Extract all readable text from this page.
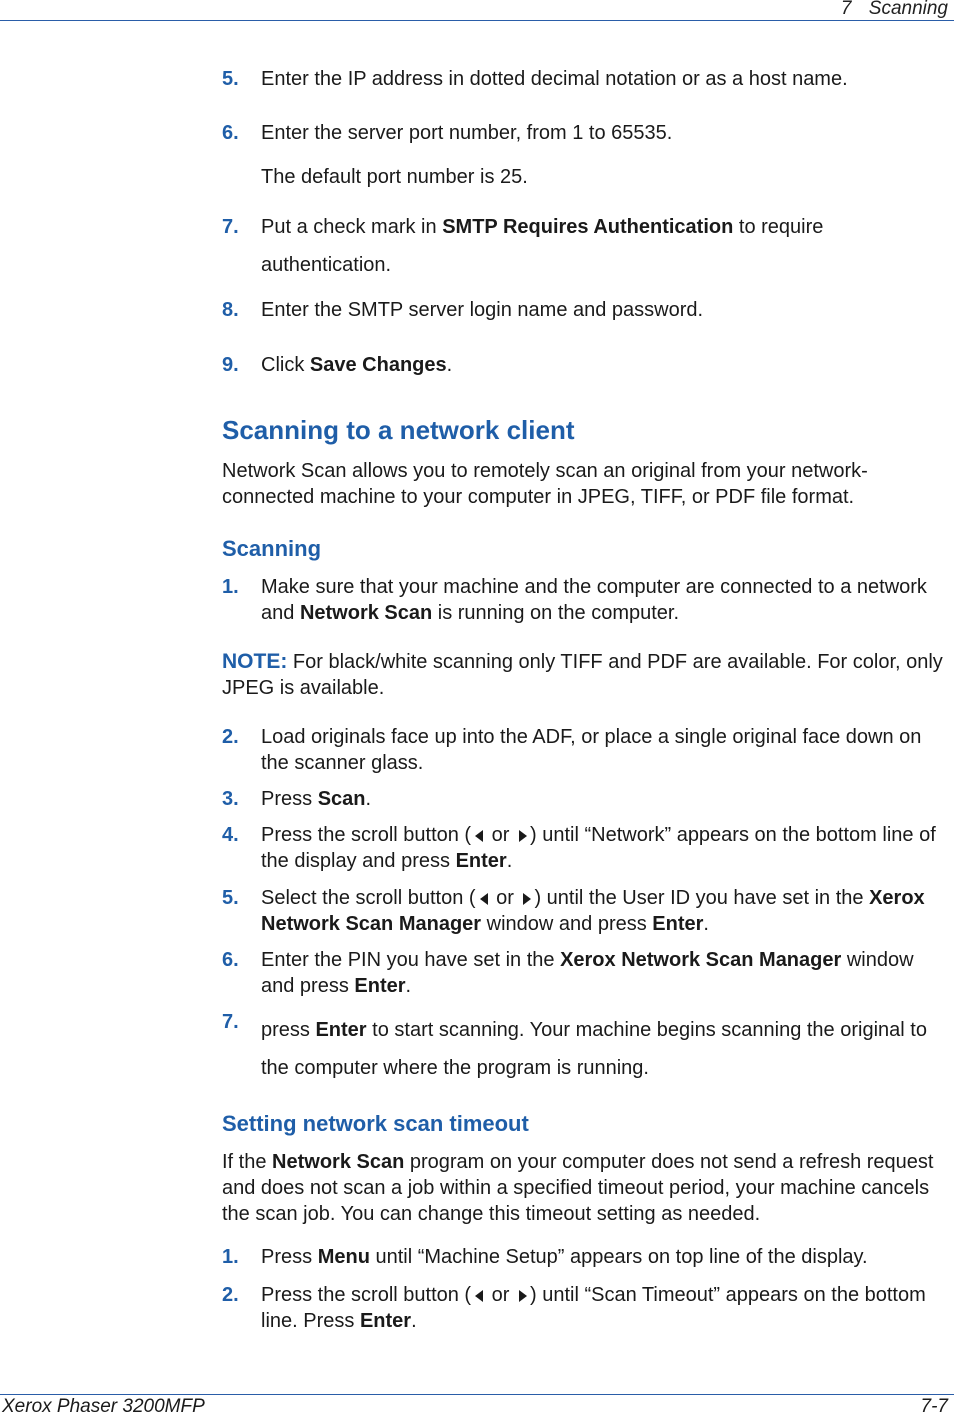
7 Scanning
5.	Enter the IP address in dotted decimal notation or as a host name.
6.	Enter the server port number, from 1 to 65535.
The default port number is 25.
7.	Put a check mark in SMTP Requires Authentication to require authentication.
8.	Enter the SMTP server login name and password.
9.	Click Save Changes.
Scanning to a network client
Network Scan allows you to remotely scan an original from your network-connected machine to your computer in JPEG, TIFF, or PDF file format.
Scanning
1.	Make sure that your machine and the computer are connected to a network and Network Scan is running on the computer.
NOTE: For black/white scanning only TIFF and PDF are available. For color, only JPEG is available.
2.	Load originals face up into the ADF, or place a single original face down on the scanner glass.
3.	Press Scan.
4.	Press the scroll button ( or ) until “Network” appears on the bottom line of the display and press Enter.
5.	Select the scroll button ( or ) until the User ID you have set in the Xerox Network Scan Manager window and press Enter.
6.	Enter the PIN you have set in the Xerox Network Scan Manager window and press Enter.
7.	press Enter to start scanning. Your machine begins scanning the original to the computer where the program is running.
Setting network scan timeout
If the Network Scan program on your computer does not send a refresh request and does not scan a job within a specified timeout period, your machine cancels the scan job. You can change this timeout setting as needed.
1.	Press Menu until “Machine Setup” appears on top line of the display.
2.	Press the scroll button ( or ) until “Scan Timeout” appears on the bottom line. Press Enter.
Xerox Phaser 3200MFP	7-7
